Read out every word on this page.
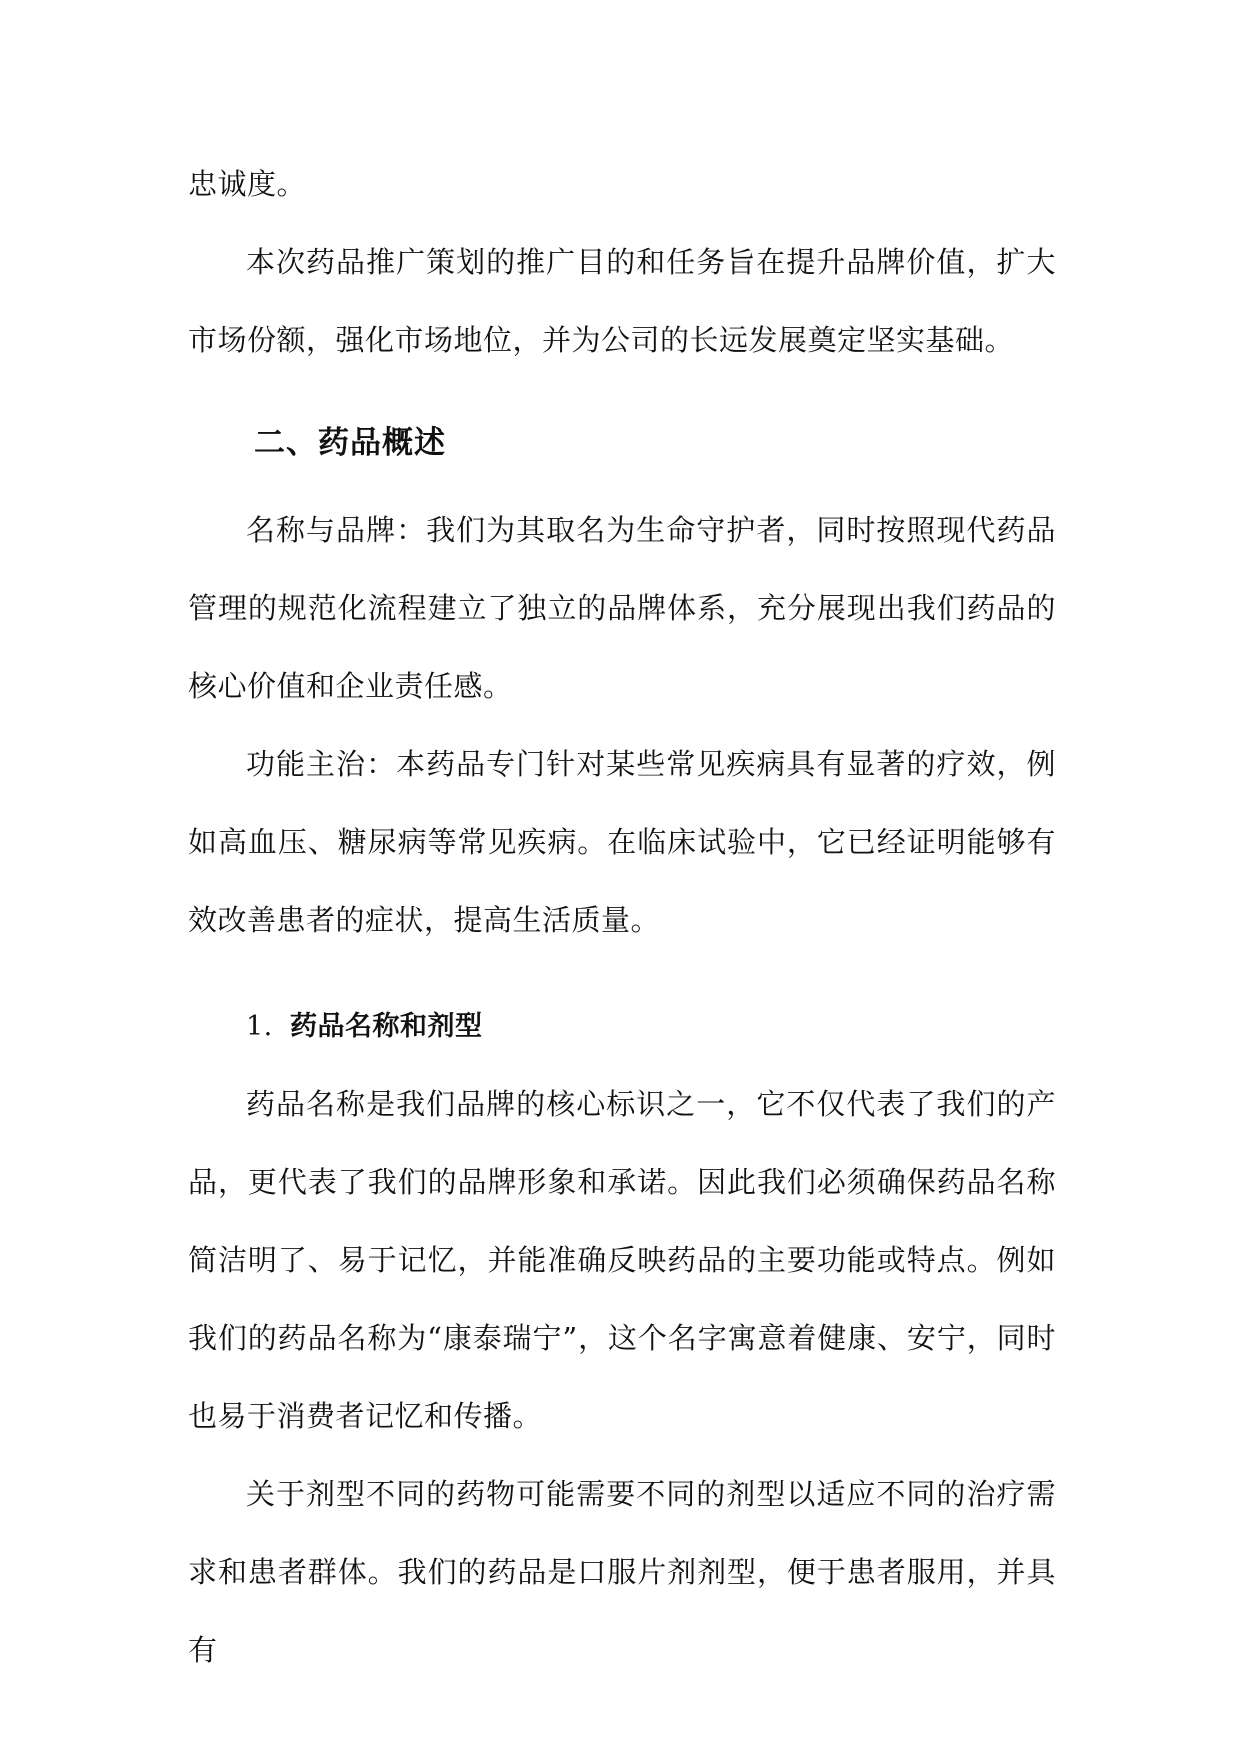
忠诚度。

本次药品推广策划的推广目的和任务旨在提升品牌价值，扩大市场份额，强化市场地位，并为公司的长远发展奠定坚实基础。

二、药品概述

名称与品牌：我们为其取名为生命守护者，同时按照现代药品管理的规范化流程建立了独立的品牌体系，充分展现出我们药品的核心价值和企业责任感。

功能主治：本药品专门针对某些常见疾病具有显著的疗效，例如高血压、糖尿病等常见疾病。在临床试验中，它已经证明能够有效改善患者的症状，提高生活质量。

1. 药品名称和剂型

药品名称是我们品牌的核心标识之一，它不仅代表了我们的产品，更代表了我们的品牌形象和承诺。因此我们必须确保药品名称简洁明了、易于记忆，并能准确反映药品的主要功能或特点。例如我们的药品名称为“康泰瑞宁”，这个名字寓意着健康、安宁，同时也易于消费者记忆和传播。

关于剂型不同的药物可能需要不同的剂型以适应不同的治疗需求和患者群体。我们的药品是口服片剂剂型，便于患者服用，并具有
